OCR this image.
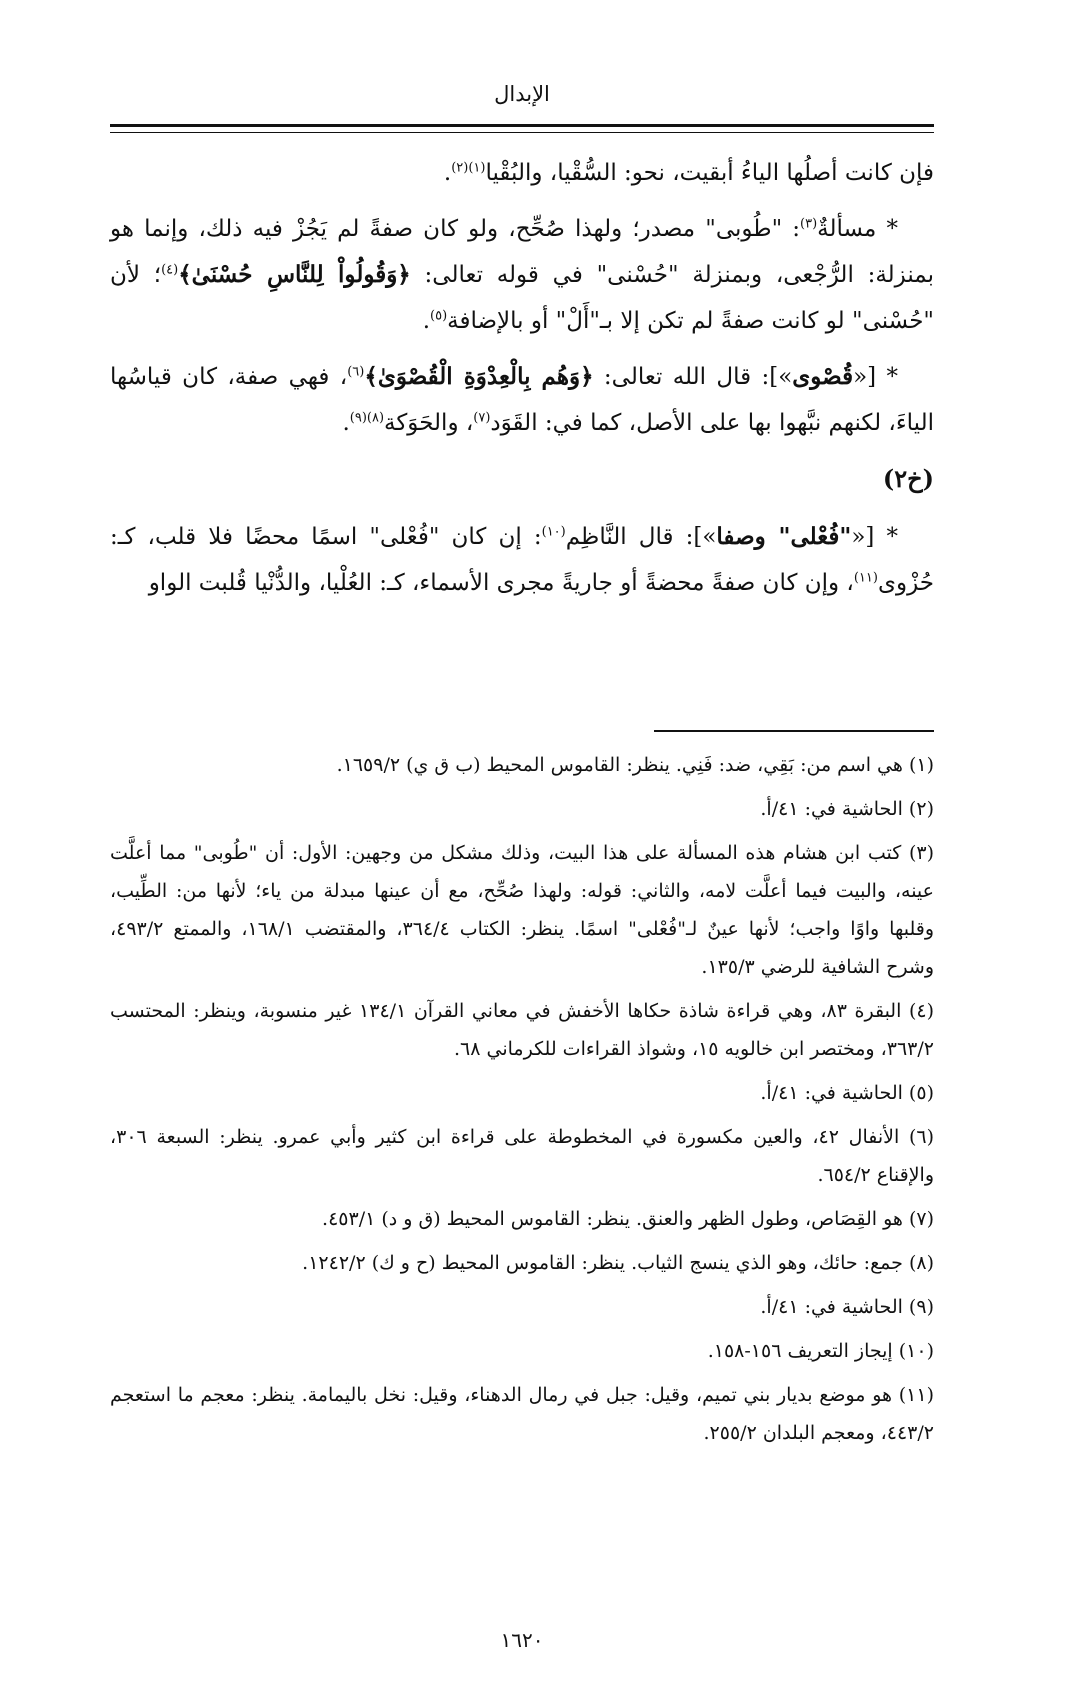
الإبدال

فإن كانت أصلُها الياءُ أبقيت، نحو: السُّقْيا، والبُقْيا$^{(١)(٢)}$.

* مسألةٌ$^{(٣)}$: "طُوبى" مصدر؛ ولهذا صُحِّح، ولو كان صفةً لم يَجُزْ فيه ذلك، وإنما هو بمنزلة: الرُّجْعى، وبمنزلة "حُسْنى" في قوله تعالى: ﴿وَقُولُواْ لِلنَّاسِ حُسْنَىٰ﴾$^{(٤)}$؛ لأن "حُسْنى" لو كانت صفةً لم تكن إلا بـ"أَلْ" أو بالإضافة$^{(٥)}$.

* [«قُصْوى»]: قال الله تعالى: ﴿وَهُم بِالْعِدْوَةِ الْقُصْوَىٰ﴾$^{(٦)}$، فهي صفة، كان قياسُها الياءَ، لكنهم نبَّهوا بها على الأصل، كما في: القَوَد$^{(٧)}$، والحَوَكة$^{(٨)(٩)}$.

(خ٢)

* [«"فُعْلى" وصفا»]: قال النَّاظِم$^{(١٠)}$: إن كان "فُعْلى" اسمًا محضًا فلا قلب، كـ: حُزْوى$^{(١١)}$، وإن كان صفةً محضةً أو جاريةً مجرى الأسماء، كـ: العُلْيا، والدُّنْيا قُلبت الواو

(١) هي اسم من: بَقِي، ضد: فَنِي. ينظر: القاموس المحيط (ب ق ي) ١٦٥٩/٢.
(٢) الحاشية في: ٤١/أ.
(٣) كتب ابن هشام هذه المسألة على هذا البيت، وذلك مشكل من وجهين: الأول: أن "طُوبى" مما أعلَّت عينه، والبيت فيما أعلَّت لامه، والثاني: قوله: ولهذا صُحِّح، مع أن عينها مبدلة من ياء؛ لأنها من: الطِّيب، وقلبها واوًا واجب؛ لأنها عينٌ لـ"فُعْلى" اسمًا. ينظر: الكتاب ٣٦٤/٤، والمقتضب ١٦٨/١، والممتع ٤٩٣/٢، وشرح الشافية للرضي ١٣٥/٣.
(٤) البقرة ٨٣، وهي قراءة شاذة حكاها الأخفش في معاني القرآن ١٣٤/١ غير منسوبة، وينظر: المحتسب ٣٦٣/٢، ومختصر ابن خالويه ١٥، وشواذ القراءات للكرماني ٦٨.
(٥) الحاشية في: ٤١/أ.
(٦) الأنفال ٤٢، والعين مكسورة في المخطوطة على قراءة ابن كثير وأبي عمرو. ينظر: السبعة ٣٠٦، والإقناع ٦٥٤/٢.
(٧) هو القِصَاص، وطول الظهر والعنق. ينظر: القاموس المحيط (ق و د) ٤٥٣/١.
(٨) جمع: حائك، وهو الذي ينسج الثياب. ينظر: القاموس المحيط (ح و ك) ١٢٤٢/٢.
(٩) الحاشية في: ٤١/أ.
(١٠) إيجاز التعريف ١٥٦-١٥٨.
(١١) هو موضع بديار بني تميم، وقيل: جبل في رمال الدهناء، وقيل: نخل باليمامة. ينظر: معجم ما استعجم ٤٤٣/٢، ومعجم البلدان ٢٥٥/٢.
١٦٢٠
